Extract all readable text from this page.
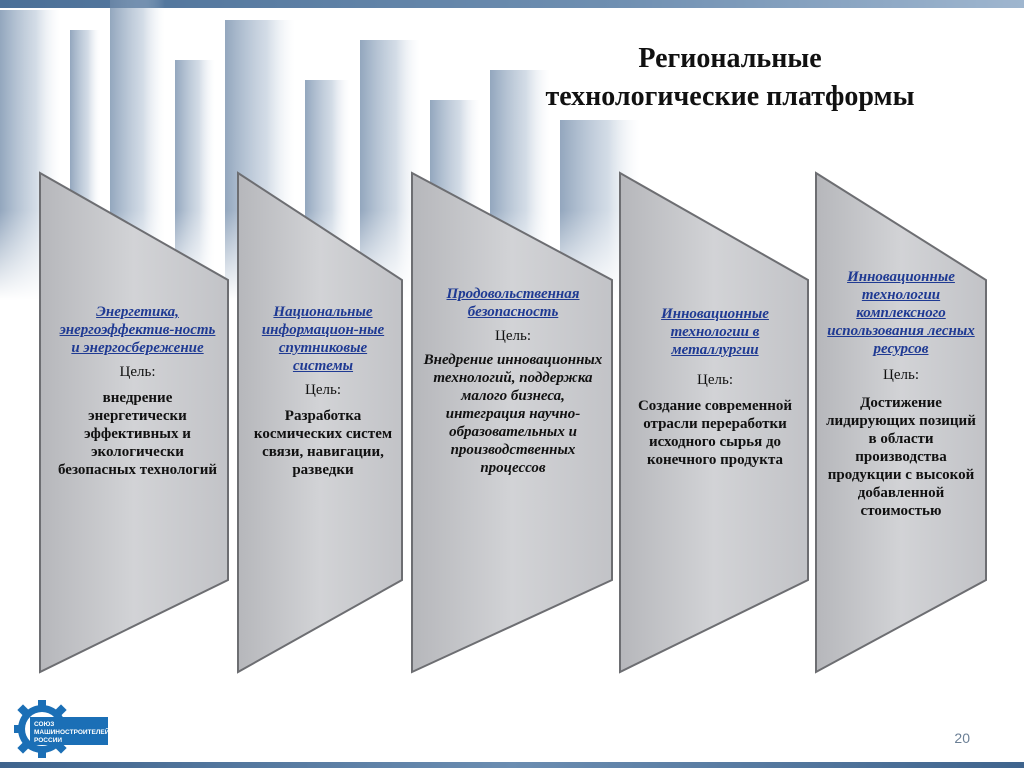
Региональные
технологические платформы
Энергетика, энергоэффектив-ность и энергосбережение
Цель:
внедрение энергетически эффективных и экологически безопасных технологий
Национальные информацион-ные спутниковые системы
Цель:
Разработка космических систем связи, навигации, разведки
Продовольственная безопасность
Цель:
Внедрение инновационных технологий, поддержка малого бизнеса, интеграция научно-образовательных и производственных процессов
Инновационные технологии в металлургии
Цель:
Создание современной отрасли переработки исходного сырья до конечного продукта
Инновационные технологии комплексного использования лесных ресурсов
Цель:
Достижение лидирующих позиций в области производства продукции с высокой добавленной стоимостью
СОЮЗ
МАШИНОСТРОИТЕЛЕЙ
РОССИИ	20
